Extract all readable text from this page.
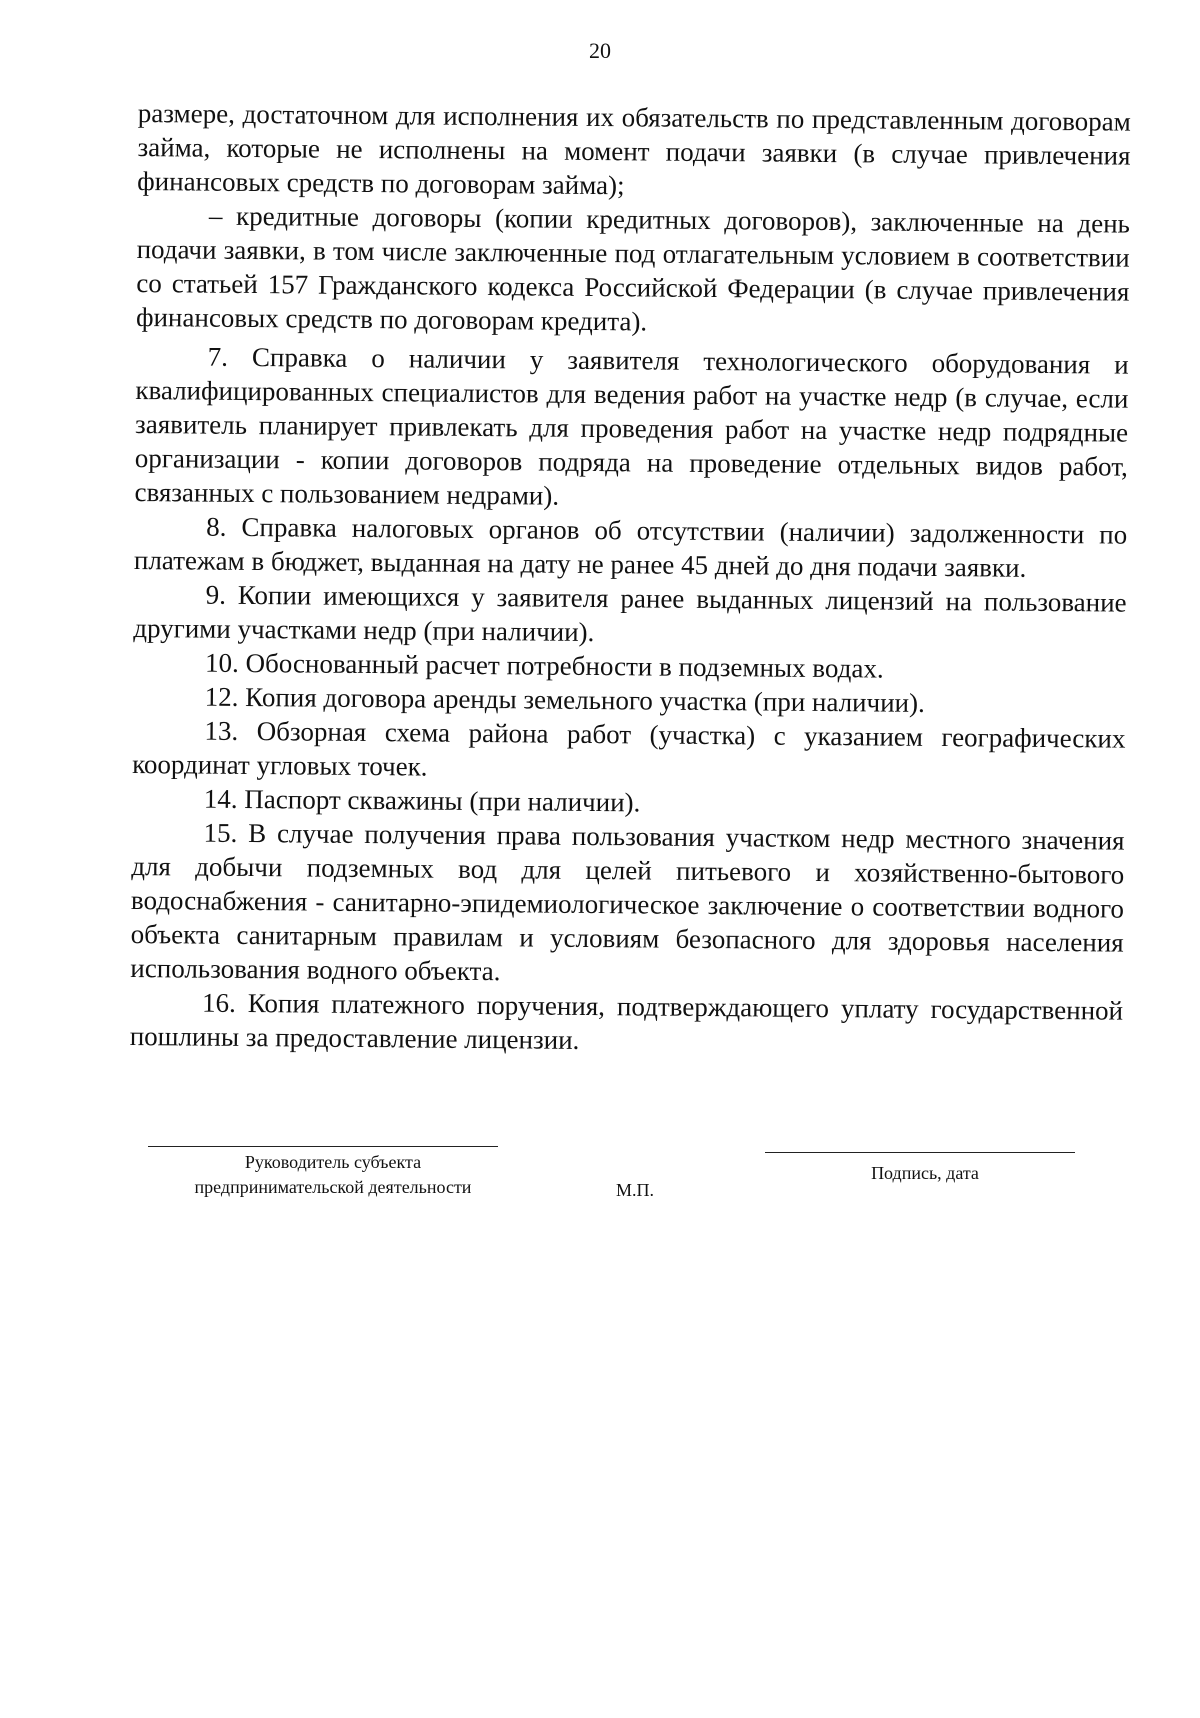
20

размере, достаточном для исполнения их обязательств по представленным договорам займа, которые не исполнены на момент подачи заявки (в случае привлечения финансовых средств по договорам займа);

– кредитные договоры (копии кредитных договоров), заключенные на день подачи заявки, в том числе заключенные под отлагательным условием в соответствии со статьей 157 Гражданского кодекса Российской Федерации (в случае привлечения финансовых средств по договорам кредита).

7. Справка о наличии у заявителя технологического оборудования и квалифицированных специалистов для ведения работ на участке недр (в случае, если заявитель планирует привлекать для проведения работ на участке недр подрядные организации - копии договоров подряда на проведение отдельных видов работ, связанных с пользованием недрами).

8. Справка налоговых органов об отсутствии (наличии) задолженности по платежам в бюджет, выданная на дату не ранее 45 дней до дня подачи заявки.

9. Копии имеющихся у заявителя ранее выданных лицензий на пользование другими участками недр (при наличии).

10. Обоснованный расчет потребности в подземных водах.

12. Копия договора аренды земельного участка (при наличии).

13. Обзорная схема района работ (участка) с указанием географических координат угловых точек.

14. Паспорт скважины (при наличии).

15. В случае получения права пользования участком недр местного значения для добычи подземных вод для целей питьевого и хозяйственно-бытового водоснабжения - санитарно-эпидемиологическое заключение о соответствии водного объекта санитарным правилам и условиям безопасного для здоровья населения использования водного объекта.

16. Копия платежного поручения, подтверждающего уплату государственной пошлины за предоставление лицензии.

Руководитель субъекта
предпринимательской деятельности	М.П.
Подпись, дата
